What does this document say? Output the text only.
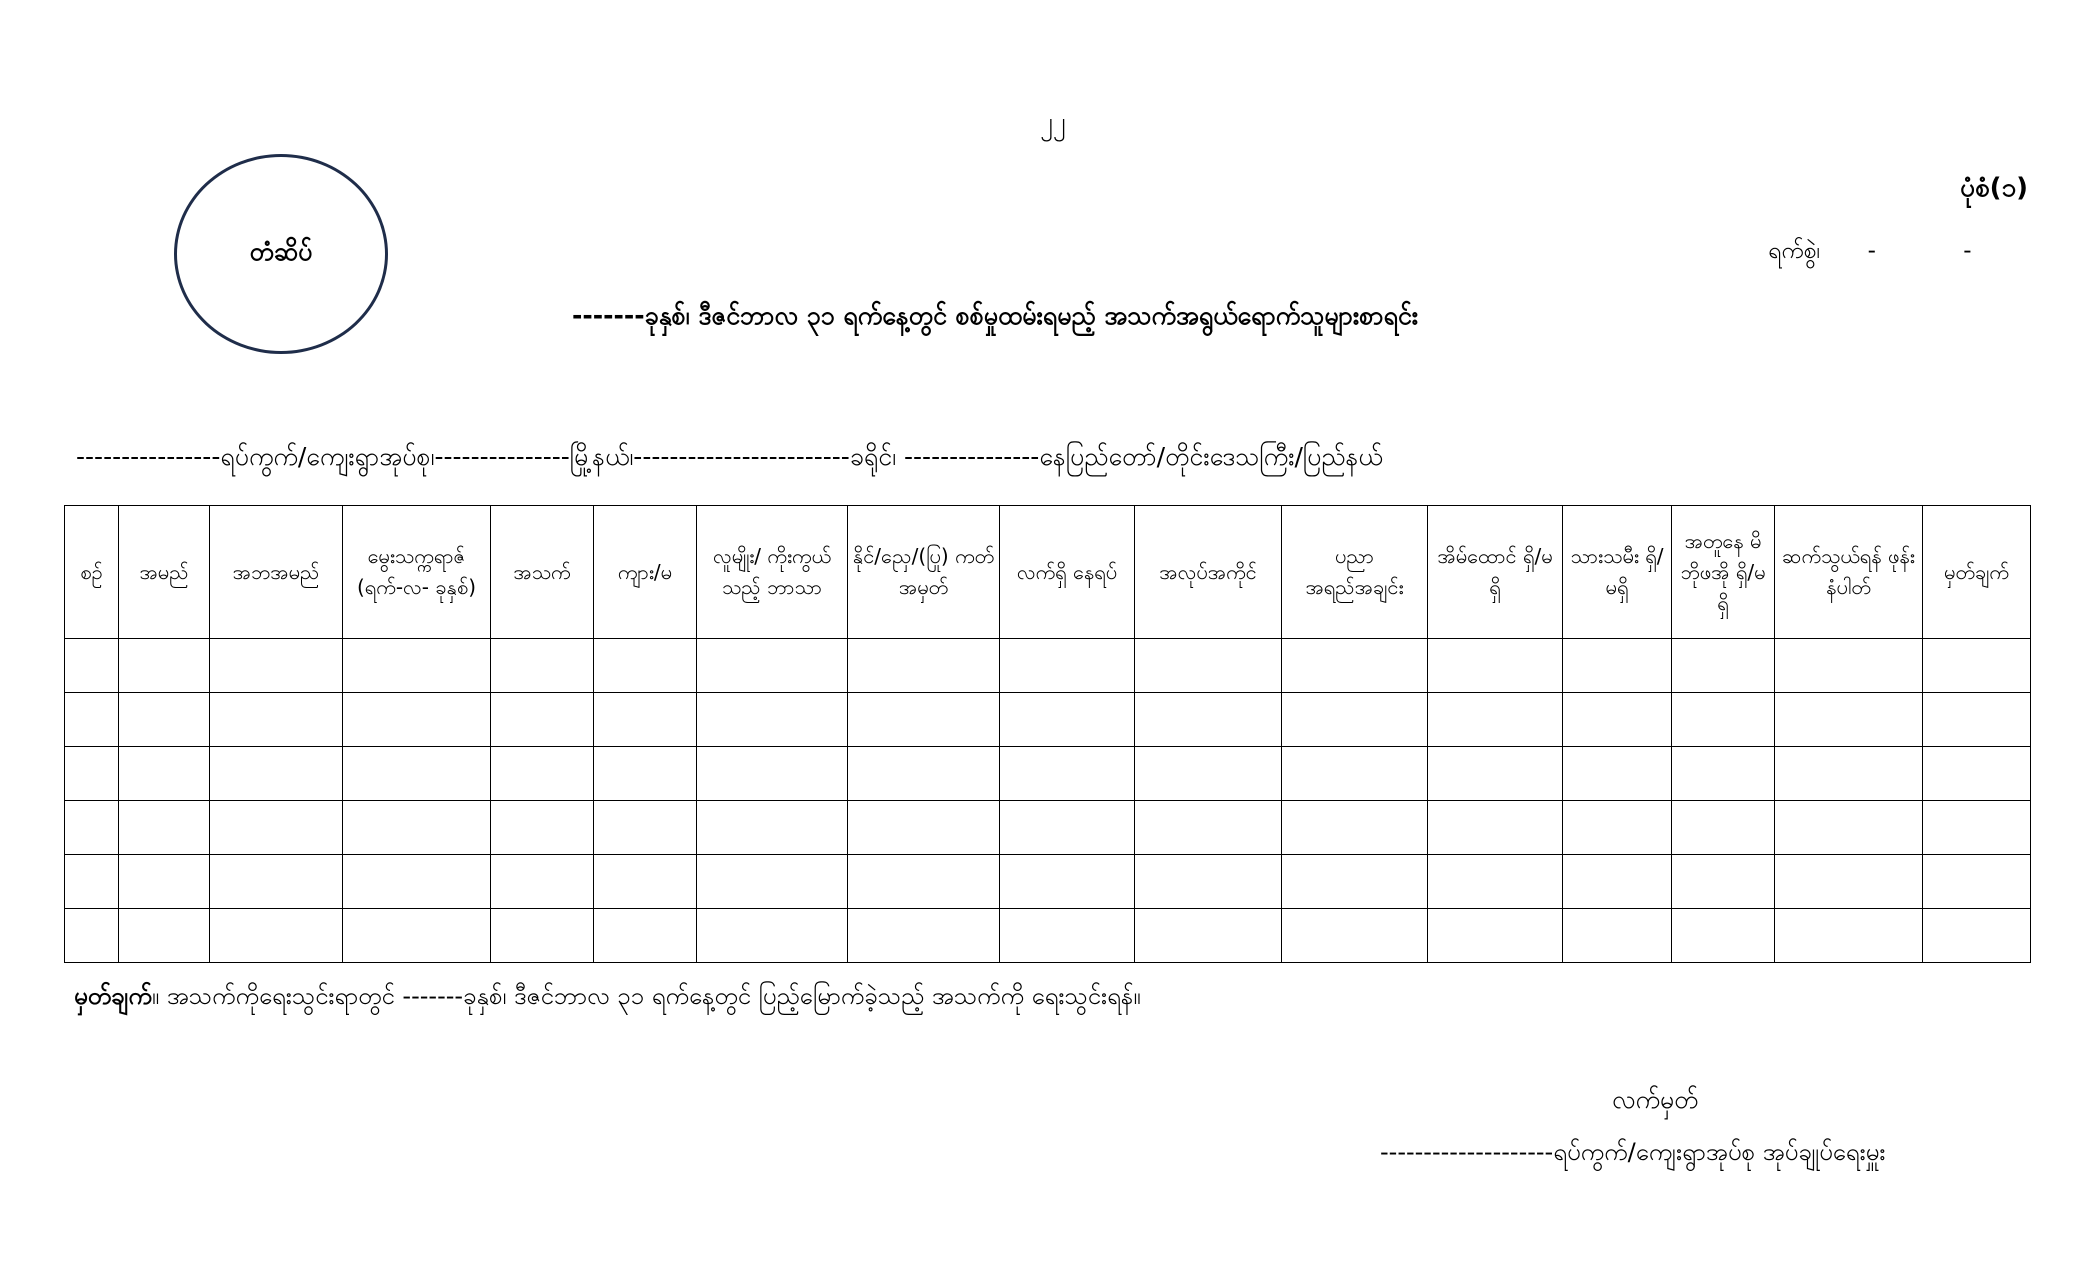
၂၂
တံဆိပ်
ပုံစံ(၁)
ရက်စွဲ၊ -	-
-------ခုနှစ်၊ ဒီဇင်ဘာလ ၃၁ ရက်နေ့တွင် စစ်မှုထမ်းရမည့် အသက်အရွယ်ရောက်သူများစာရင်း
----------------ရပ်ကွက်/ကျေးရွာအုပ်စု၊---------------မြို့နယ်၊------------------------ခရိုင်၊ ---------------နေပြည်တော်/တိုင်းဒေသကြီး/ပြည်နယ်
စဉ်	အမည်	အဘအမည်	မွေးသက္ကရာဇ် (ရက်-လ- ခုနှစ်)	အသက်	ကျား/မ	လူမျိုး/ ကိုးကွယ်သည့် ဘာသာ	နိုင်/ညှေ/(ပြု) ကတ်အမှတ်	လက်ရှိ နေရပ်	အလုပ်အကိုင်	ပညာ အရည်အချင်း	အိမ်ထောင် ရှိ/မရှိ	သားသမီး ရှိ/မရှိ	အတူနေ မိဘိုဖအို ရှိ/မရှိ	ဆက်သွယ်ရန် ဖုန်းနံပါတ်	မှတ်ချက်

မှတ်ချက်။ အသက်ကိုရေးသွင်းရာတွင် -------ခုနှစ်၊ ဒီဇင်ဘာလ ၃၁ ရက်နေ့တွင် ပြည့်မြောက်ခဲ့သည့် အသက်ကို ရေးသွင်းရန်။
လက်မှတ်
--------------------ရပ်ကွက်/ကျေးရွာအုပ်စု အုပ်ချုပ်ရေးမှူး
